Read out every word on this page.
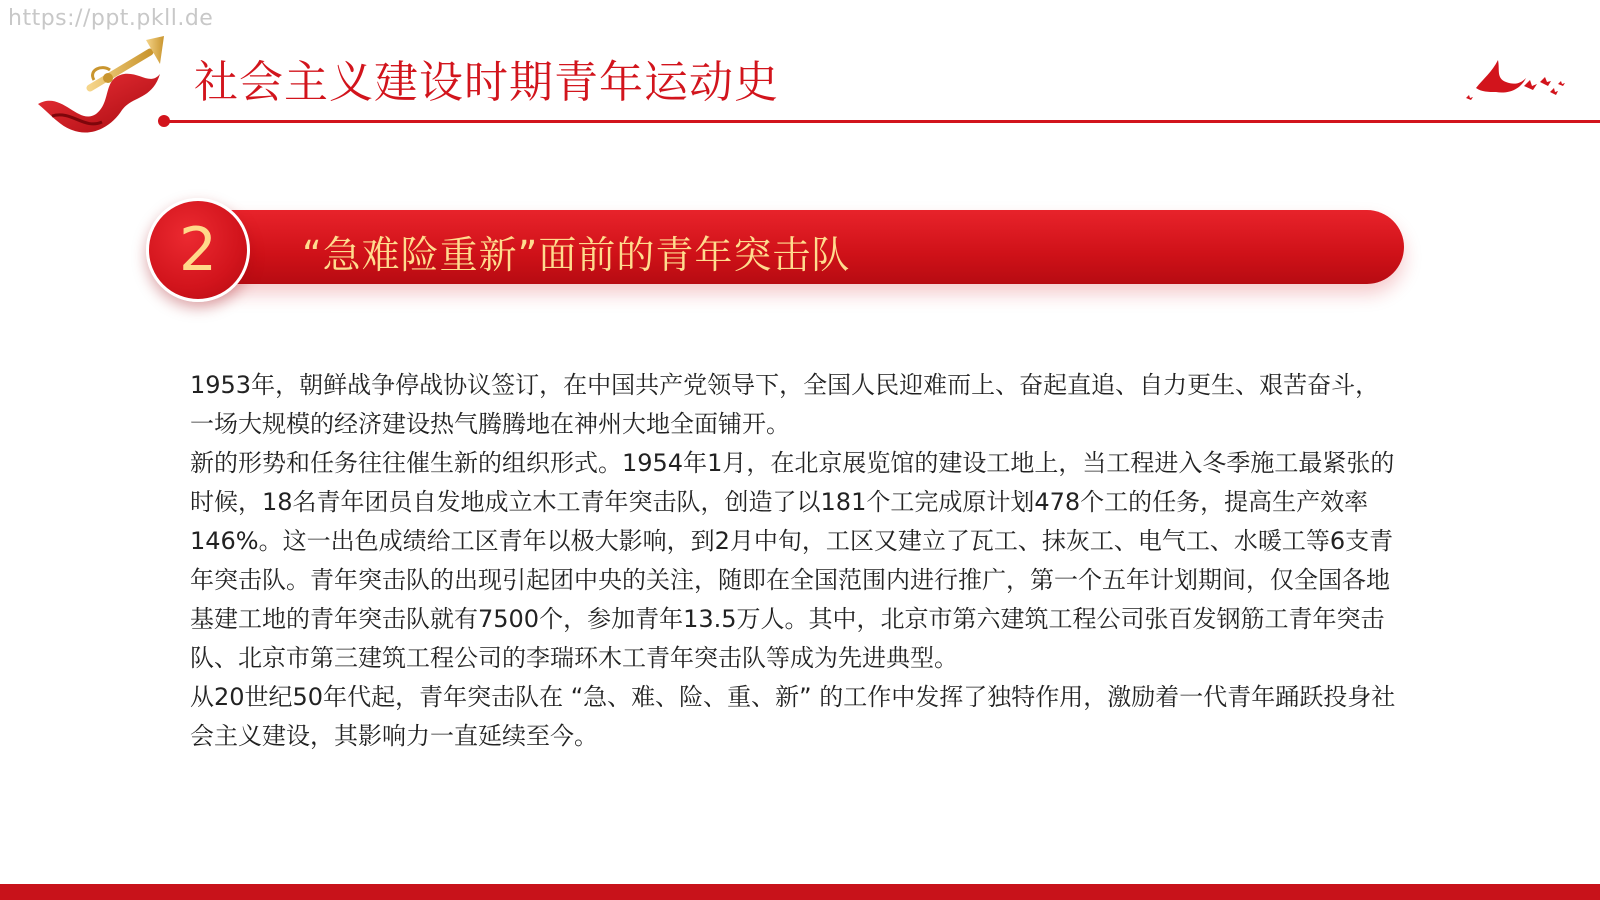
https://ppt.pkll.de
社会主义建设时期青年运动史
2 “急难险重新”面前的青年突击队

1953年，朝鲜战争停战协议签订，在中国共产党领导下，全国人民迎难而上、奋起直追、自力更生、艰苦奋斗，一场大规模的经济建设热气腾腾地在神州大地全面铺开。

新的形势和任务往往催生新的组织形式。1954年1月，在北京展览馆的建设工地上，当工程进入冬季施工最紧张的时候，18名青年团员自发地成立木工青年突击队，创造了以181个工完成原计划478个工的任务，提高生产效率146%。这一出色成绩给工区青年以极大影响，到2月中旬，工区又建立了瓦工、抹灰工、电气工、水暖工等6支青年突击队。青年突击队的出现引起团中央的关注，随即在全国范围内进行推广，第一个五年计划期间，仅全国各地基建工地的青年突击队就有7500个，参加青年13.5万人。其中，北京市第六建筑工程公司张百发钢筋工青年突击队、北京市第三建筑工程公司的李瑞环木工青年突击队等成为先进典型。

从20世纪50年代起，青年突击队在 “急、难、险、重、新” 的工作中发挥了独特作用，激励着一代青年踊跃投身社会主义建设，其影响力一直延续至今。
